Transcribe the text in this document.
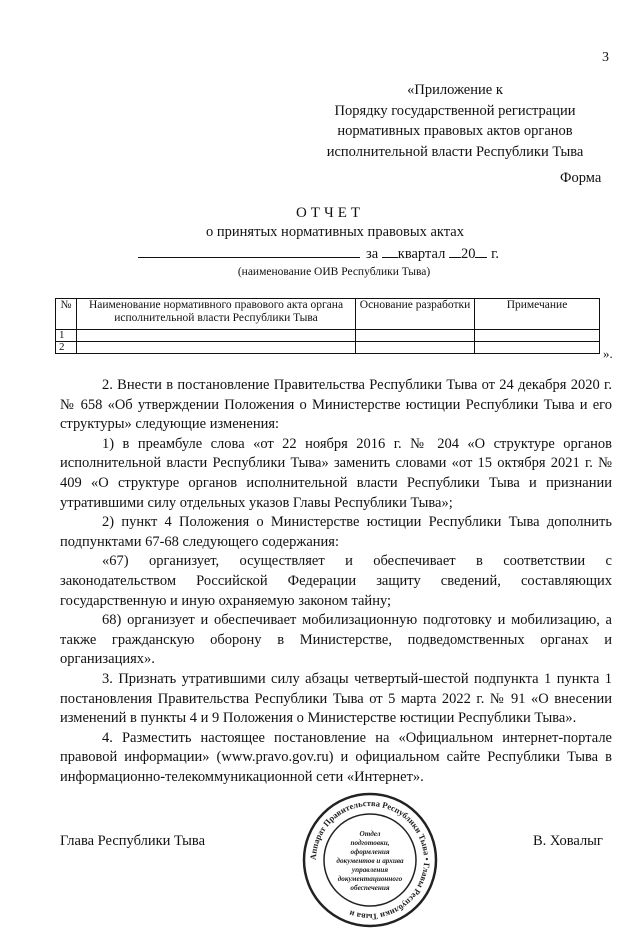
3
«Приложение к
Порядку государственной регистрации
нормативных правовых актов органов
исполнительной власти Республики Тыва
Форма
ОТЧЕТ
о принятых нормативных правовых актах
за квартал 20 г.
(наименование ОИВ Республики Тыва)
№	Наименование нормативного правового акта органа исполнительной власти Республики Тыва	Основание разработки	Примечание
1			
2				».

2. Внести в постановление Правительства Республики Тыва от 24 декабря 2020 г. № 658 «Об утверждении Положения о Министерстве юстиции Республики Тыва и его структуры» следующие изменения:

1) в преамбуле слова «от 22 ноября 2016 г. № 204 «О структуре органов исполнительной власти Республики Тыва» заменить словами «от 15 октября 2021 г. № 409 «О структуре органов исполнительной власти Республики Тыва и признании утратившими силу отдельных указов Главы Республики Тыва»;

2) пункт 4 Положения о Министерстве юстиции Республики Тыва дополнить подпунктами 67-68 следующего содержания:

«67) организует, осуществляет и обеспечивает в соответствии с законодательством Российской Федерации защиту сведений, составляющих государственную и иную охраняемую законом тайну;

68) организует и обеспечивает мобилизационную подготовку и мобилизацию, а также гражданскую оборону в Министерстве, подведомственных органах и организациях».

3. Признать утратившими силу абзацы четвертый-шестой подпункта 1 пункта 1 постановления Правительства Республики Тыва от 5 марта 2022 г. № 91 «О внесении изменений в пункты 4 и 9 Положения о Министерстве юстиции Республики Тыва».

4. Разместить настоящее постановление на «Официальном интернет-портале правовой информации» (www.pravo.gov.ru) и официальном сайте Республики Тыва в информационно-телекоммуникационной сети «Интернет».

Глава Республики Тыва	В. Ховалыг
Аппарат Правительства Республики Тыва • Главы Республики Тыва и
Отдел
подготовки,
оформления
документов и архива
управления
документационного
обеспечения
